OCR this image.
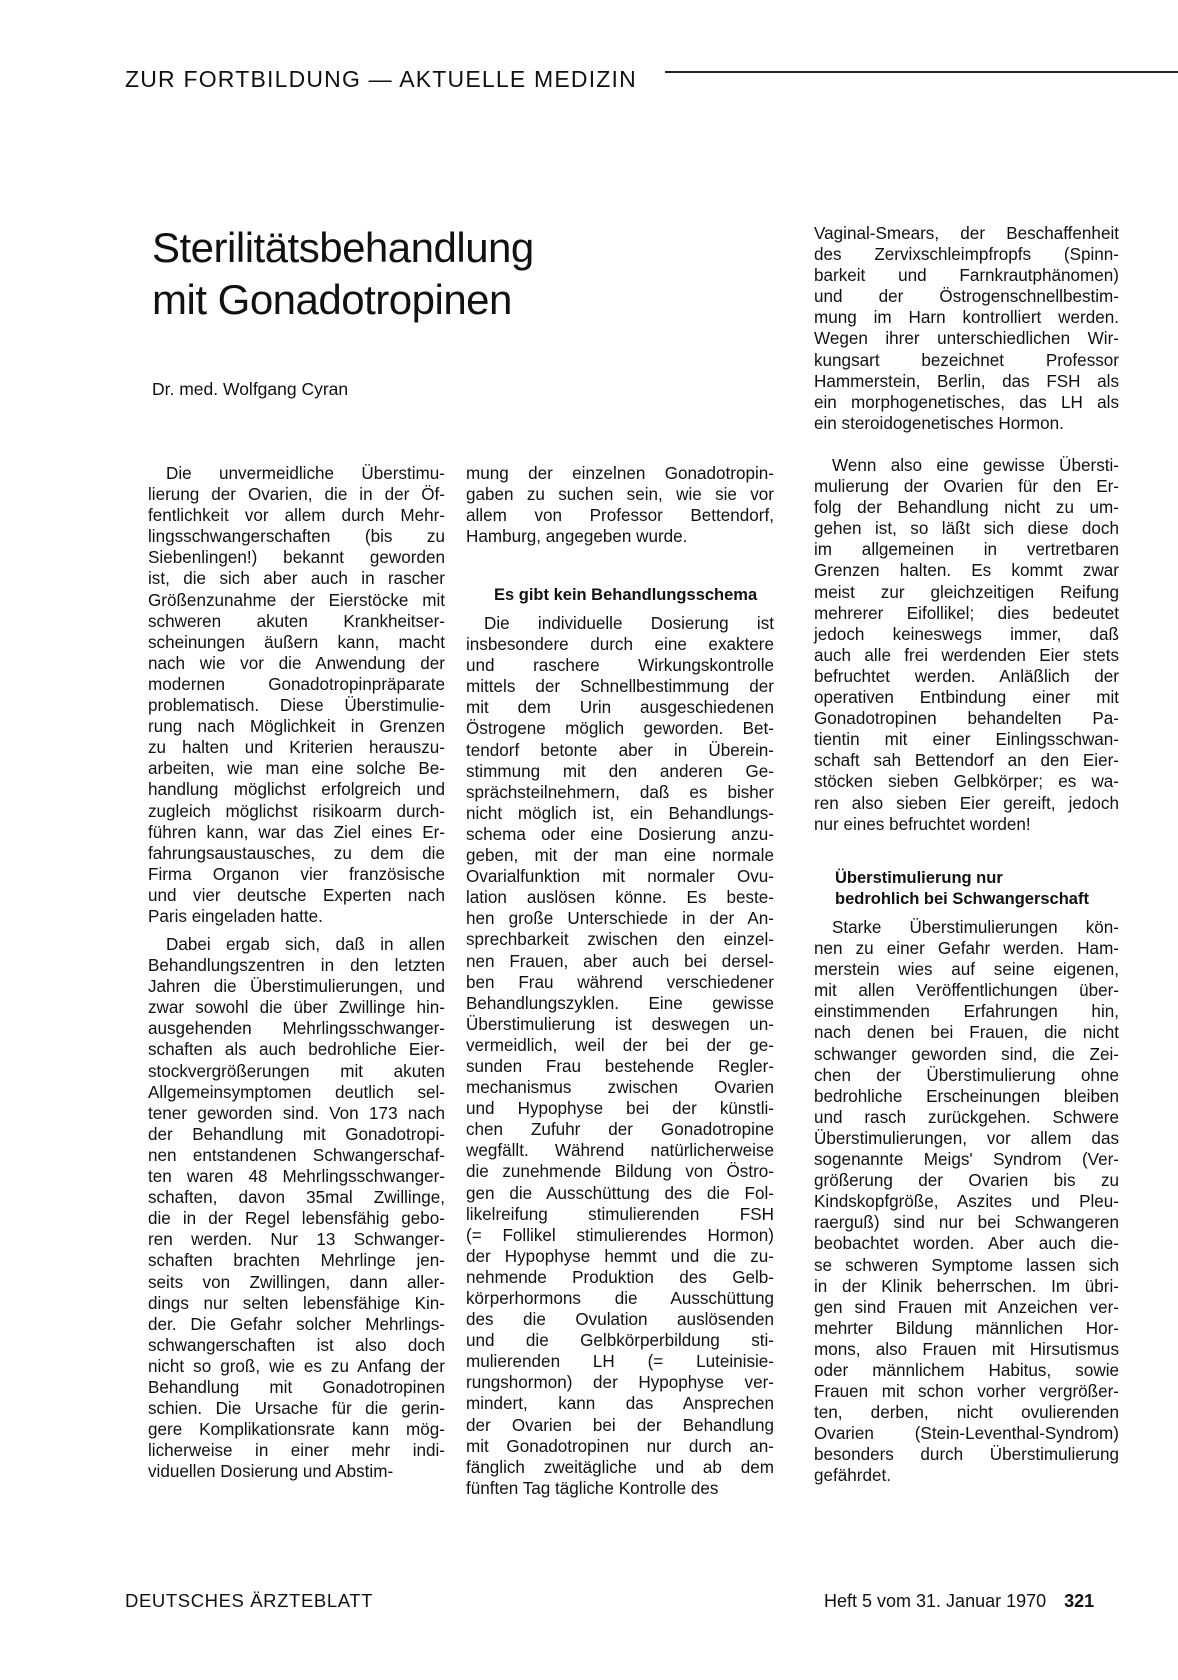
ZUR FORTBILDUNG — AKTUELLE MEDIZIN
Sterilitätsbehandlung
mit Gonadotropinen
Dr. med. Wolfgang Cyran

Die unvermeidliche Überstimu-
lierung der Ovarien, die in der Öf-
fentlichkeit vor allem durch Mehr-
lingsschwangerschaften (bis zu
Siebenlingen!) bekannt geworden
ist, die sich aber auch in rascher
Größenzunahme der Eierstöcke mit
schweren akuten Krankheitser-
scheinungen äußern kann, macht
nach wie vor die Anwendung der
modernen Gonadotropinpräparate
problematisch. Diese Überstimulie-
rung nach Möglichkeit in Grenzen
zu halten und Kriterien herauszu-
arbeiten, wie man eine solche Be-
handlung möglichst erfolgreich und
zugleich möglichst risikoarm durch-
führen kann, war das Ziel eines Er-
fahrungsaustausches, zu dem die
Firma Organon vier französische
und vier deutsche Experten nach
Paris eingeladen hatte.

Dabei ergab sich, daß in allen
Behandlungszentren in den letzten
Jahren die Überstimulierungen, und
zwar sowohl die über Zwillinge hin-
ausgehenden Mehrlingsschwanger-
schaften als auch bedrohliche Eier-
stockvergrößerungen mit akuten
Allgemeinsymptomen deutlich sel-
tener geworden sind. Von 173 nach
der Behandlung mit Gonadotropi-
nen entstandenen Schwangerschaf-
ten waren 48 Mehrlingsschwanger-
schaften, davon 35mal Zwillinge,
die in der Regel lebensfähig gebo-
ren werden. Nur 13 Schwanger-
schaften brachten Mehrlinge jen-
seits von Zwillingen, dann aller-
dings nur selten lebensfähige Kin-
der. Die Gefahr solcher Mehrlings-
schwangerschaften ist also doch
nicht so groß, wie es zu Anfang der
Behandlung mit Gonadotropinen
schien. Die Ursache für die gerin-
gere Komplikationsrate kann mög-
licherweise in einer mehr indi-
viduellen Dosierung und Abstim-

mung der einzelnen Gonadotropin-
gaben zu suchen sein, wie sie vor
allem von Professor Bettendorf,
Hamburg, angegeben wurde.

Es gibt kein Behandlungsschema

Die individuelle Dosierung ist
insbesondere durch eine exaktere
und raschere Wirkungskontrolle
mittels der Schnellbestimmung der
mit dem Urin ausgeschiedenen
Östrogene möglich geworden. Bet-
tendorf betonte aber in Überein-
stimmung mit den anderen Ge-
sprächsteilnehmern, daß es bisher
nicht möglich ist, ein Behandlungs-
schema oder eine Dosierung anzu-
geben, mit der man eine normale
Ovarialfunktion mit normaler Ovu-
lation auslösen könne. Es beste-
hen große Unterschiede in der An-
sprechbarkeit zwischen den einzel-
nen Frauen, aber auch bei dersel-
ben Frau während verschiedener
Behandlungszyklen. Eine gewisse
Überstimulierung ist deswegen un-
vermeidlich, weil der bei der ge-
sunden Frau bestehende Regler-
mechanismus zwischen Ovarien
und Hypophyse bei der künstli-
chen Zufuhr der Gonadotropine
wegfällt. Während natürlicherweise
die zunehmende Bildung von Östro-
gen die Ausschüttung des die Fol-
likelreifung stimulierenden FSH
(= Follikel stimulierendes Hormon)
der Hypophyse hemmt und die zu-
nehmende Produktion des Gelb-
körperhormons die Ausschüttung
des die Ovulation auslösenden
und die Gelbkörperbildung sti-
mulierenden LH (= Luteinisie-
rungshormon) der Hypophyse ver-
mindert, kann das Ansprechen
der Ovarien bei der Behandlung
mit Gonadotropinen nur durch an-
fänglich zweitägliche und ab dem
fünften Tag tägliche Kontrolle des

Vaginal-Smears, der Beschaffenheit
des Zervixschleimpfropfs (Spinn-
barkeit und Farnkrautphänomen)
und der Östrogenschnellbestim-
mung im Harn kontrolliert werden.
Wegen ihrer unterschiedlichen Wir-
kungsart bezeichnet Professor
Hammerstein, Berlin, das FSH als
ein morphogenetisches, das LH als
ein steroidogenetisches Hormon.

Wenn also eine gewisse Übersti-
mulierung der Ovarien für den Er-
folg der Behandlung nicht zu um-
gehen ist, so läßt sich diese doch
im allgemeinen in vertretbaren
Grenzen halten. Es kommt zwar
meist zur gleichzeitigen Reifung
mehrerer Eifollikel; dies bedeutet
jedoch keineswegs immer, daß
auch alle frei werdenden Eier stets
befruchtet werden. Anläßlich der
operativen Entbindung einer mit
Gonadotropinen behandelten Pa-
tientin mit einer Einlingsschwan-
schaft sah Bettendorf an den Eier-
stöcken sieben Gelbkörper; es wa-
ren also sieben Eier gereift, jedoch
nur eines befruchtet worden!

Überstimulierung nur
bedrohlich bei Schwangerschaft

Starke Überstimulierungen kön-
nen zu einer Gefahr werden. Ham-
merstein wies auf seine eigenen,
mit allen Veröffentlichungen über-
einstimmenden Erfahrungen hin,
nach denen bei Frauen, die nicht
schwanger geworden sind, die Zei-
chen der Überstimulierung ohne
bedrohliche Erscheinungen bleiben
und rasch zurückgehen. Schwere
Überstimulierungen, vor allem das
sogenannte Meigs' Syndrom (Ver-
größerung der Ovarien bis zu
Kindskopfgröße, Aszites und Pleu-
raerguß) sind nur bei Schwangeren
beobachtet worden. Aber auch die-
se schweren Symptome lassen sich
in der Klinik beherrschen. Im übri-
gen sind Frauen mit Anzeichen ver-
mehrter Bildung männlichen Hor-
mons, also Frauen mit Hirsutismus
oder männlichem Habitus, sowie
Frauen mit schon vorher vergrößer-
ten, derben, nicht ovulierenden
Ovarien (Stein-Leventhal-Syndrom)
besonders durch Überstimulierung
gefährdet.

DEUTSCHES ÄRZTEBLATT	Heft 5 vom 31. Januar 1970 321
